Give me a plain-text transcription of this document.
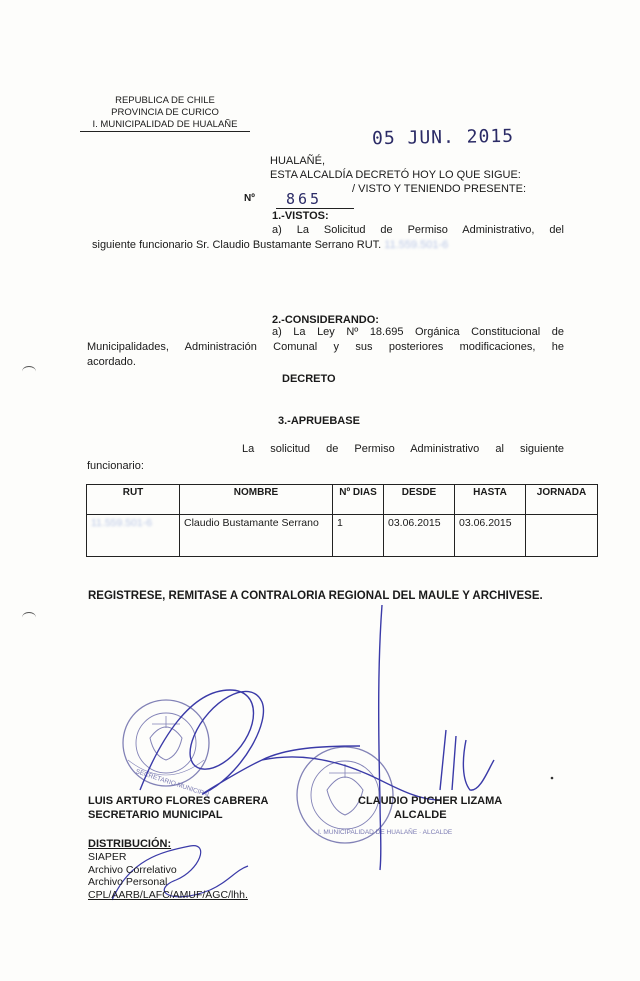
REPUBLICA DE CHILE
PROVINCIA DE CURICO
I. MUNICIPALIDAD DE HUALAÑE
05 JUN. 2015
HUALAÑÉ,
ESTA ALCALDÍA DECRETÓ HOY LO QUE SIGUE:
Nº	865
/ VISTO Y TENIENDO PRESENTE:
1.-VISTOS:
a) La Solicitud de Permiso Administrativo, del
siguiente funcionario Sr. Claudio Bustamante Serrano RUT. 11.559.501-6
2.-CONSIDERANDO:
a) La Ley Nº 18.695 Orgánica Constitucional de
Municipalidades, Administración Comunal y sus posteriores modificaciones, he
acordado.
DECRETO
3.-APRUEBASE
La solicitud de Permiso Administrativo al siguiente
funcionario:
RUT	NOMBRE	Nº DIAS	DESDE	HASTA	JORNADA
11.559.501-6	Claudio Bustamante Serrano	1	03.06.2015	03.06.2015	
REGISTRESE, REMITASE A CONTRALORIA REGIONAL DEL MAULE Y ARCHIVESE.
SECRETARIO MUNICIPAL
I. MUNICIPALIDAD DE HUALAÑE · ALCALDE
LUIS ARTURO FLORES CABRERA
SECRETARIO MUNICIPAL
CLAUDIO PUCHER LIZAMA
ALCALDE
DISTRIBUCIÓN:
SIAPER
Archivo Correlativo
Archivo Personal
CPL/AARB/LAFC/AMUF/AGC/lhh.
